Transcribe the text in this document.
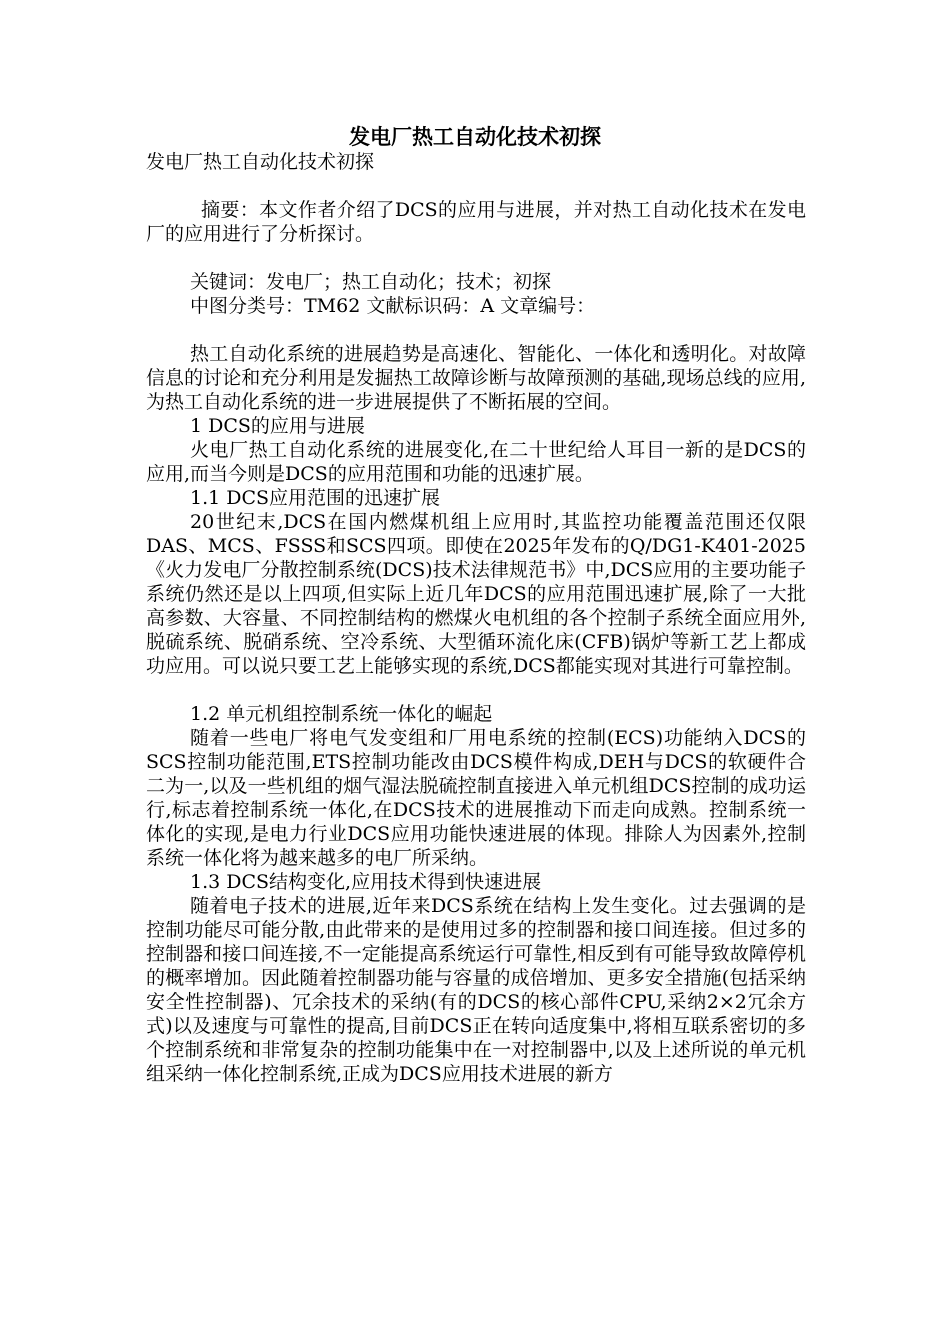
发电厂热工自动化技术初探

发电厂热工自动化技术初探

摘要：本文作者介绍了DCS的应用与进展，并对热工自动化技术在发电厂的应用进行了分析探讨。

关键词：发电厂；热工自动化；技术；初探

中图分类号：TM62 文献标识码：A 文章编号：

热工自动化系统的进展趋势是高速化、智能化、一体化和透明化。对故障信息的讨论和充分利用是发掘热工故障诊断与故障预测的基础,现场总线的应用,为热工自动化系统的进一步进展提供了不断拓展的空间。

1 DCS的应用与进展

火电厂热工自动化系统的进展变化,在二十世纪给人耳目一新的是DCS的应用,而当今则是DCS的应用范围和功能的迅速扩展。

1.1 DCS应用范围的迅速扩展

20世纪末,DCS在国内燃煤机组上应用时,其监控功能覆盖范围还仅限DAS、MCS、FSSS和SCS四项。即使在2025年发布的Q/DG1-K401-2025《火力发电厂分散控制系统(DCS)技术法律规范书》中,DCS应用的主要功能子系统仍然还是以上四项,但实际上近几年DCS的应用范围迅速扩展,除了一大批高参数、大容量、不同控制结构的燃煤火电机组的各个控制子系统全面应用外,脱硫系统、脱硝系统、空冷系统、大型循环流化床(CFB)锅炉等新工艺上都成功应用。可以说只要工艺上能够实现的系统,DCS都能实现对其进行可靠控制。

1.2 单元机组控制系统一体化的崛起

随着一些电厂将电气发变组和厂用电系统的控制(ECS)功能纳入DCS的SCS控制功能范围,ETS控制功能改由DCS模件构成,DEH与DCS的软硬件合二为一,以及一些机组的烟气湿法脱硫控制直接进入单元机组DCS控制的成功运行,标志着控制系统一体化,在DCS技术的进展推动下而走向成熟。控制系统一体化的实现,是电力行业DCS应用功能快速进展的体现。排除人为因素外,控制系统一体化将为越来越多的电厂所采纳。

1.3 DCS结构变化,应用技术得到快速进展

随着电子技术的进展,近年来DCS系统在结构上发生变化。过去强调的是控制功能尽可能分散,由此带来的是使用过多的控制器和接口间连接。但过多的控制器和接口间连接,不一定能提高系统运行可靠性,相反到有可能导致故障停机的概率增加。因此随着控制器功能与容量的成倍增加、更多安全措施(包括采纳安全性控制器)、冗余技术的采纳(有的DCS的核心部件CPU,采纳2×2冗余方式)以及速度与可靠性的提高,目前DCS正在转向适度集中,将相互联系密切的多个控制系统和非常复杂的控制功能集中在一对控制器中,以及上述所说的单元机组采纳一体化控制系统,正成为DCS应用技术进展的新方
